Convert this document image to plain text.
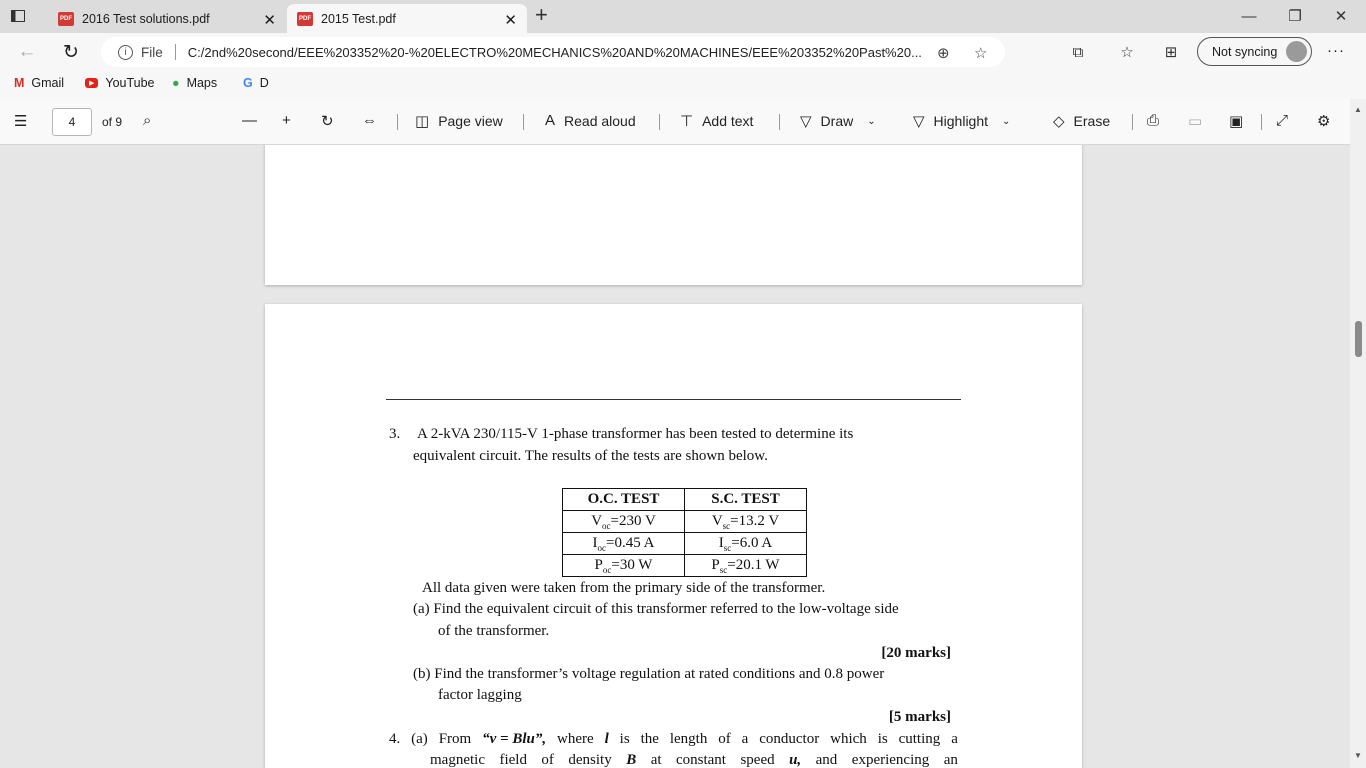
PDF 2016 Test solutions.pdf	✕	PDF 2015 Test.pdf	✕ +	—	❐	✕
← ↻	i	File C:/2nd%20second/EEE%203352%20-%20ELECTRO%20MECHANICS%20AND%20MACHINES/EEE%203352%20Past%20... ⊕ ☆	⧉	☆ ⊞	Not syncing	···
M Gmail	▶ YouTube ● Maps G D
☰	4	of 9 ⌕	— + ↻ ⇔	◫ Page view	A Read aloud	⊤ Add text	▽ Draw ⌄ ▽ Highlight ⌄	◇ Erase ⎙ ▭ ▣ ⤢ ⚙
3. A 2-kVA 230/115-V 1-phase transformer has been tested to determine its
equivalent circuit. The results of the tests are shown below.
O.C. TEST	S.C. TEST
$V_{oc}=230$ V	$V_{sc}=13.2$ V
$I_{oc}=0.45$ A	$I_{sc}=6.0$ A
$P_{oc}=30$ W	$P_{sc}=20.1$ W
All data given were taken from the primary side of the transformer.
(a) Find the equivalent circuit of this transformer referred to the low-voltage side
of the transformer.
[20 marks]
(b) Find the transformer’s voltage regulation at rated conditions and 0.8 power
factor lagging
[5 marks]
4. (a) From “v = Blu”, where l is the length of a conductor which is cutting a
magnetic field of density B at constant speed u, and experiencing an
▲
▼
